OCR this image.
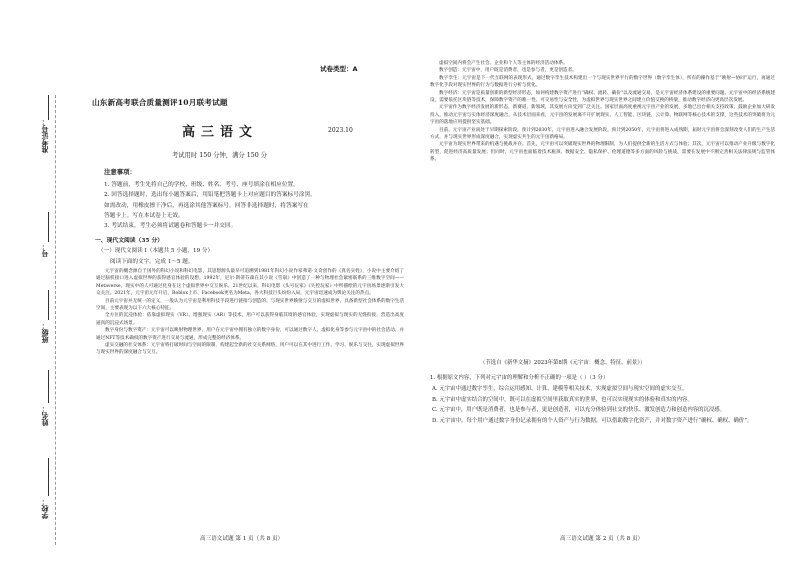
准考证号：
号：
班级：
姓名：
学校：
试卷类型：A
山东新高考联合质量测评10月联考试题
高三语文	2023.10
考试用时 150 分钟，满分 150 分
注意事项：

1. 答题前，考生先将自己的学校、班级、姓名、考号、座号填涂在相应位置。

2. 回答选择题时，选出每小题答案后，用铅笔把答题卡上对应题目的答案标号涂黑。

如需改动，用橡皮擦干净后，再选涂其他答案标号。回答非选择题时，将答案写在

答题卡上。写在本试卷上无效。

3. 考试结束，考生必须将试题卷和答题卡一并交回。

一、现代文阅读（35 分）
（一）现代文阅读 I（本题共 5 小题，19 分）
阅读下面的文字，完成 1～5 题。

元宇宙的概念源自于国外的科幻小说和科幻电影，其思想源头最早可追溯到1981年科幻小说作家弗诺·文奇创作的《真名实姓》，小说中主要介绍了通过脑机接口进入虚拟世界的获得感官体验的设想。1992年，尼尔·斯蒂芬森在其小说《雪崩》中创造了一种与物理社会紧密联系的三维数字空间——Metaverse，现实中的人可通过化身在这个虚拟世界中交互娱乐。21世纪以来，科幻电影《头号玩家》《失控玩家》中所描绘的元宇宙场景逐渐引发大众关注。2021年，元宇宙元年开启，Roblox上市、Facebook更名为Meta，各大科技巨头纷纷入局，元宇宙迅速成为舆论关注的热点。

目前元宇宙并无统一的定义，一般认为元宇宙是利用科技手段进行链接与创造的、与现实世界映射与交互的虚拟世界，具备新型社会体系的数字生活空间，主要表现为以下六大核心特征。

全方位的沉浸体验：依靠虚拟现实（VR）、增强现实（AR）等技术，用户可以获得身临其境的感官体验，实现虚拟与现实的无缝衔接，营造出高度逼真的沉浸式场景。

数字身份与数字资产：元宇宙可以映射物理世界，用户在元宇宙中拥有独立的数字身份，可以通过数字人、虚拟化身等参与元宇宙中的社会活动，并通过NFT等技术确权的数字资产进行交易与流通，形成完整的经济体系。

虚实交融的社交体系：元宇宙将打破时间与空间的限制，构建起全新的社交关系网络，用户可以在其中进行工作、学习、娱乐与交往，实现虚拟世界与现实世界的深度融合与交互。

高三语文试题 第 1 页（共 8 页）

虚拟空间内将会产生社会、企业和个人等主体的经济活动体系。

数字创造：元宇宙中，用户既是消费者，也是参与者，更是创造者。

数字孪生：元宇宙是下一代互联网的表现形式，通过数字孪生技术构建出一个与现实世界平行的数字世界（数字孪生体），所有的操作基于“映射—协同”运行，再通过数字化手段对现实世界的行为与数据进行分析与优化。

数字经济：元宇宙是质量创新的新型经济形态，如何构建数字资产进行“确权、流转、确价”以及流通交易，是元宇宙经济体系建设的重要问题。元宇宙中的经济系统建设，需要依托区块链等技术，保障数字资产的唯一性、可交易性与安全性，为虚拟世界与现实世界之间建立价值交换的桥梁，推动数字经济向更高层次发展。

元宇宙作为数字经济发展的新形态、新赛道、新领域，其发展方向受到广泛关注。国家层面高度重视元宇宙产业的发展，多地已出台相关支持政策，鼓励企业加大研发投入，推动元宇宙与实体经济深度融合。从技术层面来看，元宇宙的发展离不开扩展现实、人工智能、区块链、云计算、物联网等核心技术的支撑，这些技术的突破将为元宇宙的落地应用提供坚实基础。

目前，元宇宙产业尚处于早期探索阶段，预计到2030年，元宇宙进入融合发展阶段。预计到2050年，元宇宙将进入成熟期，届时元宇宙将会深刻改变人们的生产生活方式，并与现实世界形成深度融合，实现虚实共生的元宇宙新格局。

元宇宙为现实世界带来的机遇与挑战并存。首先，元宇宙可以突破现实世界的物理限制，为人们提供全新的生活方式与体验；其次，元宇宙可以推动产业升级与数字化转型，促进经济高质量发展；但同时，元宇宙也面临着技术瓶颈、数据安全、隐私保护、伦理道德等多方面的风险与挑战，需要在发展中不断完善相关法律法规与监管体系。

（节选自《新华文摘》2023年第8期《元宇宙：概念、特征、前景》）

1. 根据原文内容，下列对元宇宙的理解和分析不正确的一项是（ ）（3 分）

A. 元宇宙中通过数字孪生，综合运用感知、计算、建模等相关技术，实现虚拟空间与现实空间的虚实交互。

B. 元宇宙中虚实结合的空间中，既可以在虚拟空间里获取真实的世界，也可以实现现实的体验和真实的内容。

C. 元宇宙中，用户既是消费者，也是参与者，更是创造者，可以充分体验到社交的快乐、激发创造力和创造内容的沉浸感。

D. 元宇宙中，每个用户通过数字身份记录拥有的个人资产与行为数据，可以借助数字化资产，并对数字资产进行“确权、确权、确价”。

高三语文试题 第 2 页（共 8 页）
